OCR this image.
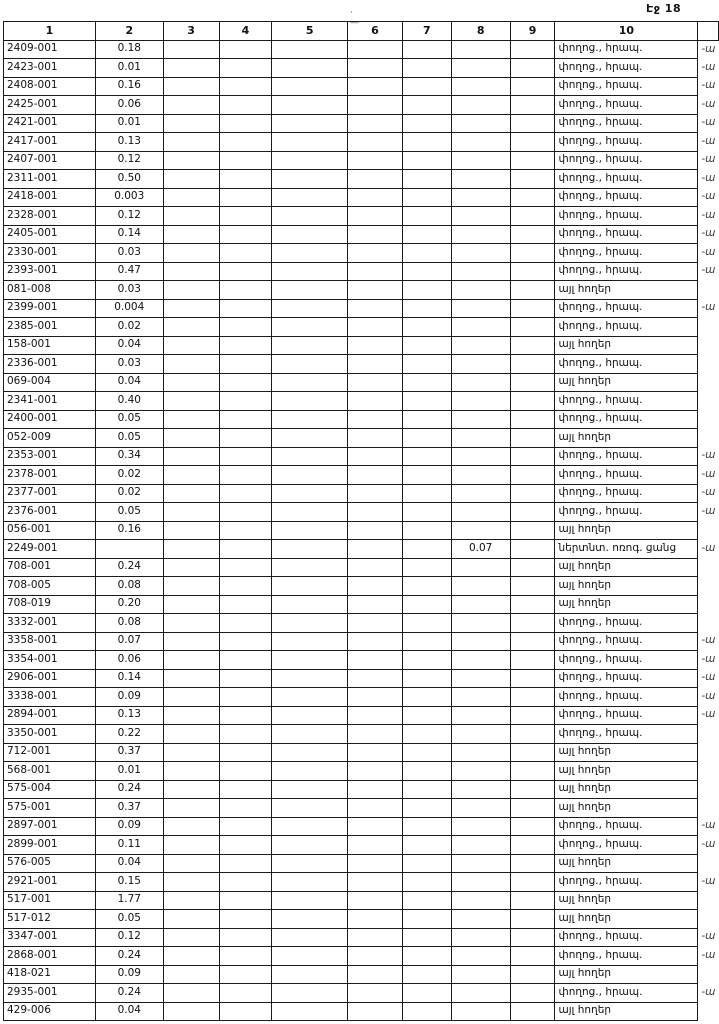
Էջ 18
· —
1	2	3	4	5	6	7	8	9	10	
2409-001	0.18								փողոց., հրապ.	-ա
2423-001	0.01								փողոց., հրապ.	-ա
2408-001	0.16								փողոց., հրապ.	-ա
2425-001	0.06								փողոց., հրապ.	-ա
2421-001	0.01								փողոց., հրապ.	-ա
2417-001	0.13								փողոց., հրապ.	-ա
2407-001	0.12								փողոց., հրապ.	-ա
2311-001	0.50								փողոց., հրապ.	-ա
2418-001	0.003								փողոց., հրապ.	-ա
2328-001	0.12								փողոց., հրապ.	-ա
2405-001	0.14								փողոց., հրապ.	-ա
2330-001	0.03								փողոց., հրապ.	-ա
2393-001	0.47								փողոց., հրապ.	-ա
081-008	0.03								այլ հողեր	
2399-001	0.004								փողոց., հրապ.	-ա
2385-001	0.02								փողոց., հրապ.	
158-001	0.04								այլ հողեր	
2336-001	0.03								փողոց., հրապ.	
069-004	0.04								այլ հողեր	
2341-001	0.40								փողոց., հրապ.	
2400-001	0.05								փողոց., հրապ.	
052-009	0.05								այլ հողեր	
2353-001	0.34								փողոց., հրապ.	-ա
2378-001	0.02								փողոց., հրապ.	-ա
2377-001	0.02								փողոց., հրապ.	-ա
2376-001	0.05								փողոց., հրապ.	-ա
056-001	0.16								այլ հողեր	
2249-001							0.07		ներտնտ. ոռոգ. ցանց	-ա
708-001	0.24								այլ հողեր	
708-005	0.08								այլ հողեր	
708-019	0.20								այլ հողեր	
3332-001	0.08								փողոց., հրապ.	
3358-001	0.07								փողոց., հրապ.	-ա
3354-001	0.06								փողոց., հրապ.	-ա
2906-001	0.14								փողոց., հրապ.	-ա
3338-001	0.09								փողոց., հրապ.	-ա
2894-001	0.13								փողոց., հրապ.	-ա
3350-001	0.22								փողոց., հրապ.	
712-001	0.37								այլ հողեր	
568-001	0.01								այլ հողեր	
575-004	0.24								այլ հողեր	
575-001	0.37								այլ հողեր	
2897-001	0.09								փողոց., հրապ.	-ա
2899-001	0.11								փողոց., հրապ.	-ա
576-005	0.04								այլ հողեր	
2921-001	0.15								փողոց., հրապ.	-ա
517-001	1.77								այլ հողեր	
517-012	0.05								այլ հողեր	
3347-001	0.12								փողոց., հրապ.	-ա
2868-001	0.24								փողոց., հրապ.	-ա
418-021	0.09								այլ հողեր	
2935-001	0.24								փողոց., հրապ.	-ա
429-006	0.04								այլ հողեր	
